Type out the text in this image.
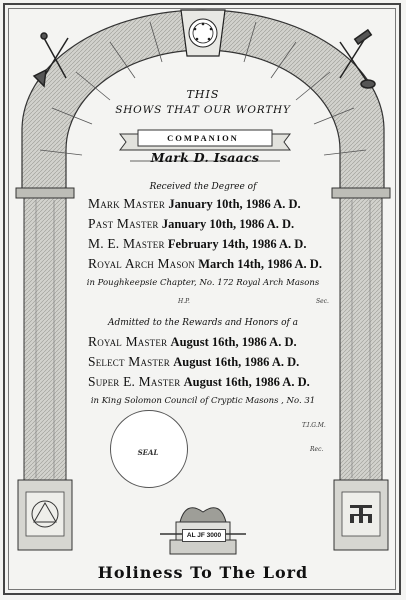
THIS
SHOWS THAT OUR WORTHY
COMPANION
Mark D. Isaacs
Received the Degree of
Mark Master January 10th, 1986 A. D.
Past Master January 10th, 1986 A. D.
M. E. Master February 14th, 1986 A. D.
Royal Arch Mason March 14th, 1986 A. D.
in Poughkeepsie Chapter, No. 172 Royal Arch Masons
H.P.	Sec.
Admitted to the Rewards and Honors of a
Royal Master August 16th, 1986 A. D.
Select Master August 16th, 1986 A. D.
Super E. Master August 16th, 1986 A. D.
in King Solomon Council of Cryptic Masons , No. 31
T.I.G.M.
Rec.
SEAL
AL JF 3000
Holiness To The Lord
